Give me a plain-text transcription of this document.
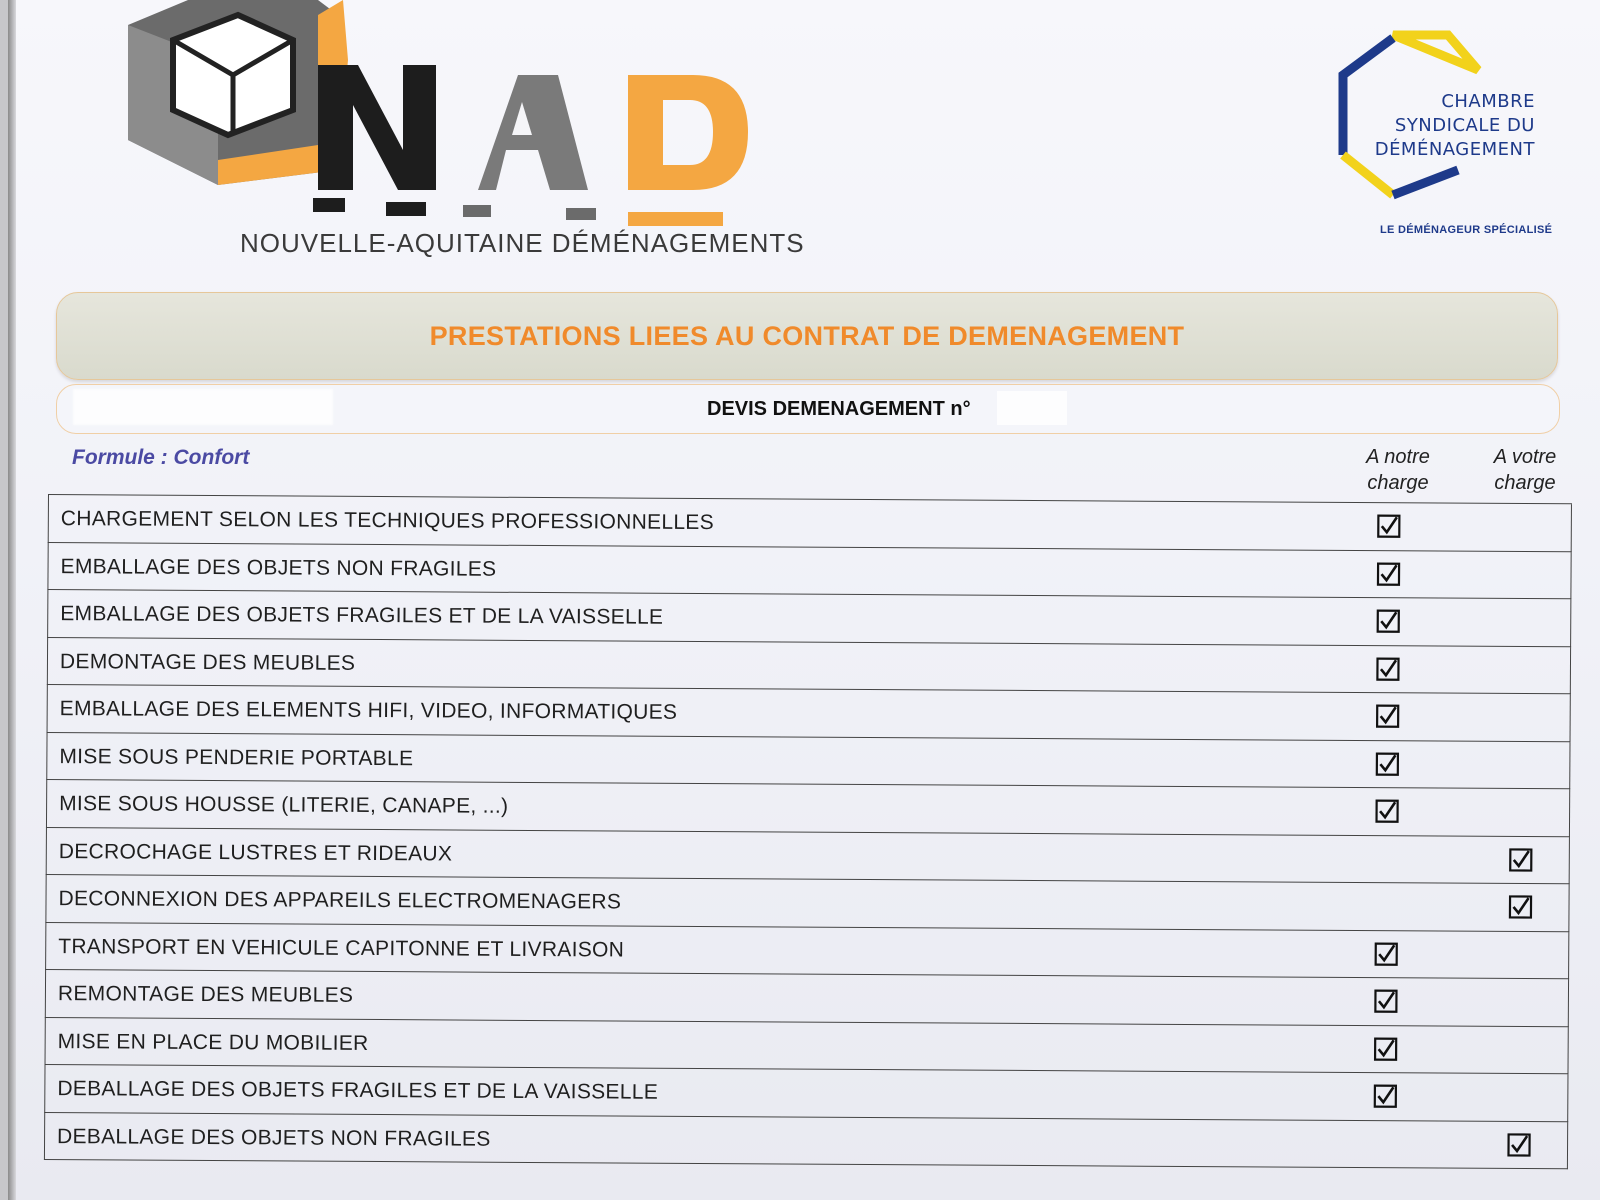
NOUVELLE-AQUITAINE DÉMÉNAGEMENTS
CHAMBRE
SYNDICALE DU
DÉMÉNAGEMENT
LE DÉMÉNAGEUR SPÉCIALISÉ
PRESTATIONS LIEES AU CONTRAT DE DEMENAGEMENT
DEVIS DEMENAGEMENT n°
Formule : Confort	A notre charge
A votre charge
CHARGEMENT SELON LES TECHNIQUES PROFESSIONNELLES
EMBALLAGE DES OBJETS NON FRAGILES
EMBALLAGE DES OBJETS FRAGILES ET DE LA VAISSELLE
DEMONTAGE DES MEUBLES
EMBALLAGE DES ELEMENTS HIFI, VIDEO, INFORMATIQUES
MISE SOUS PENDERIE PORTABLE
MISE SOUS HOUSSE (LITERIE, CANAPE, ...)
DECROCHAGE LUSTRES ET RIDEAUX
DECONNEXION DES APPAREILS ELECTROMENAGERS
TRANSPORT EN VEHICULE CAPITONNE ET LIVRAISON
REMONTAGE DES MEUBLES
MISE EN PLACE DU MOBILIER
DEBALLAGE DES OBJETS FRAGILES ET DE LA VAISSELLE
DEBALLAGE DES OBJETS NON FRAGILES
